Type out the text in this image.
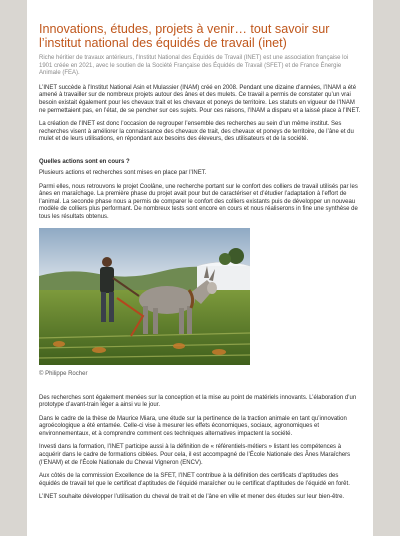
Innovations, études, projets à venir… tout savoir sur l’institut national des équidés de travail (inet)

Riche héritier de travaux antérieurs, l’Institut National des Équidés de Travail (INET) est une association française loi 1901 créée en 2021, avec le soutien de la Société Française des Équidés de Travail (SFET) et de France Énergie Animale (FEA).

L’INET succède à l’Institut National Asin et Mulassier (INAM) créé en 2008. Pendant une dizaine d’années, l’INAM a été amené à travailler sur de nombreux projets autour des ânes et des mulets. Ce travail a permis de constater qu’un vrai besoin existait également pour les chevaux trait et les chevaux et poneys de territoire. Les statuts en vigueur de l’INAM ne permettaient pas, en l’état, de se pencher sur ces sujets. Pour ces raisons, l’INAM a disparu et a laissé place à l’INET.

La création de l’INET est donc l’occasion de regrouper l’ensemble des recherches au sein d’un même institut. Ses recherches visent à améliorer la connaissance des chevaux de trait, des chevaux et poneys de territoire, de l’âne et du mulet et de leurs utilisations, en répondant aux besoins des éleveurs, des utilisateurs et de la société.

Quelles actions sont en cours ?

Plusieurs actions et recherches sont mises en place par l’INET.

Parmi elles, nous retrouvons le projet Coolâne, une recherche portant sur le confort des colliers de travail utilisés par les ânes en maraîchage. La première phase du projet avait pour but de caractériser et d’étudier l’adaptation à l’effort de l’animal. La seconde phase nous a permis de comparer le confort des colliers existants puis de développer un nouveau modèle de colliers plus performant. De nombreux tests sont encore en cours et nous réaliserons in fine une synthèse de tous les résultats obtenus.

© Philippe Rocher

Des recherches sont également menées sur la conception et la mise au point de matériels innovants. L’élaboration d’un prototype d’avant-train léger a ainsi vu le jour.

Dans le cadre de la thèse de Maurice Miara, une étude sur la pertinence de la traction animale en tant qu’innovation agroécologique a été entamée. Celle-ci vise à mesurer les effets économiques, sociaux, agronomiques et environnementaux, et à comprendre comment ces techniques alternatives impactent la société.

Investi dans la formation, l’INET participe aussi à la définition de « référentiels-métiers » listant les compétences à acquérir dans le cadre de formations ciblées. Pour cela, il est accompagné de l’École Nationale des Ânes Maraîchers (l’ENAM) et de l’École Nationale du Cheval Vigneron (ENCV).

Aux côtés de la commission Excellence de la SFET, l’INET contribue à la définition des certificats d’aptitudes des équidés de travail tel que le certificat d’aptitudes de l’équidé maraîcher ou le certificat d’aptitudes de l’équidé en forêt.

L’INET souhaite développer l’utilisation du cheval de trait et de l’âne en ville et mener des études sur leur bien-être.
